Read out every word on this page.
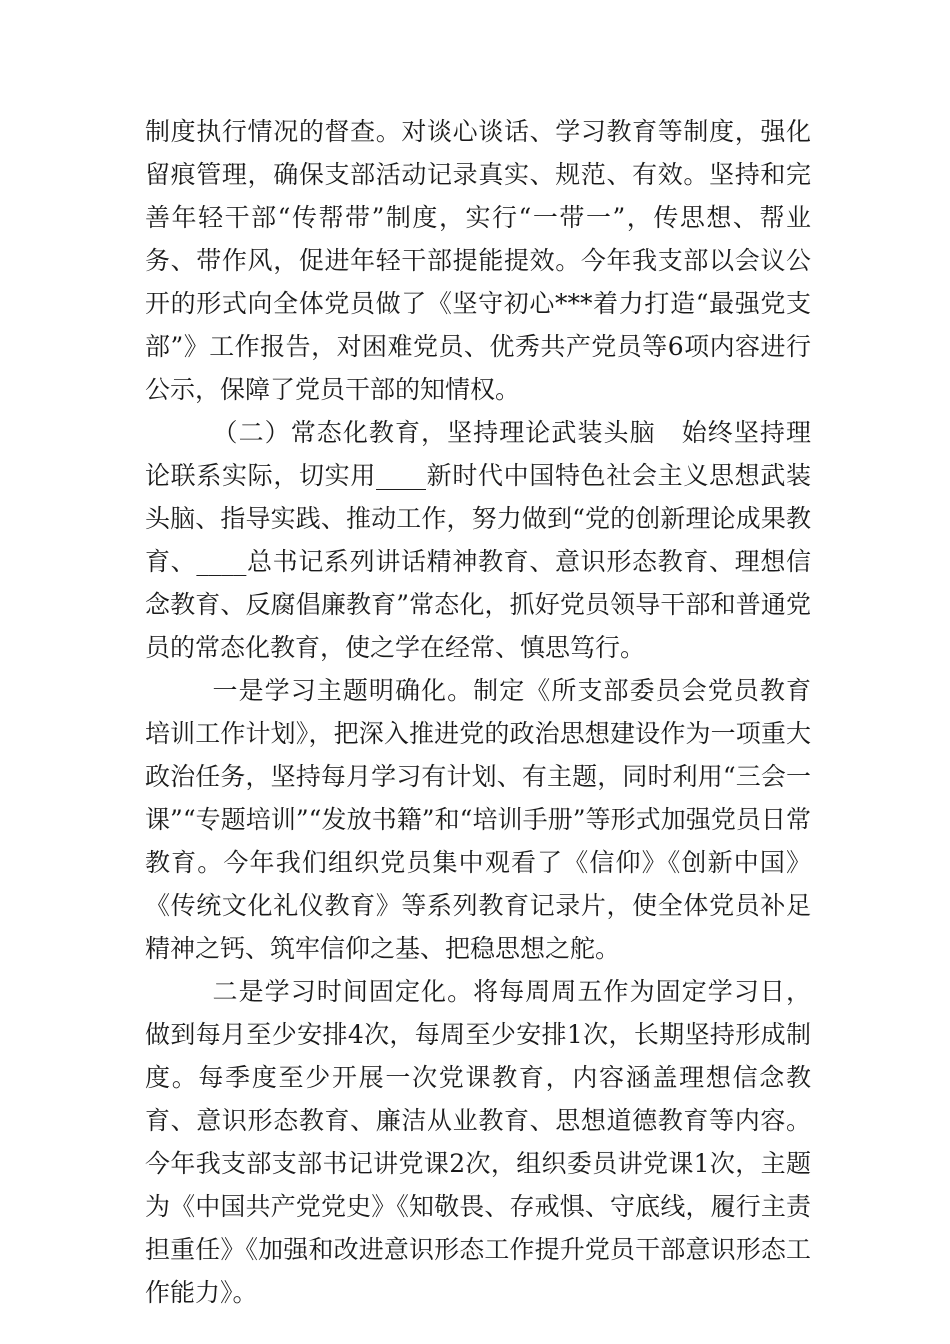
制度执行情况的督查。对谈心谈话、学习教育等制度，强化留痕管理，确保支部活动记录真实、规范、有效。坚持和完善年轻干部“传帮带”制度，实行“一带一”，传思想、帮业务、带作风，促进年轻干部提能提效。今年我支部以会议公开的形式向全体党员做了《坚守初心***着力打造“最强党支部”》工作报告，对困难党员、优秀共产党员等6项内容进行公示，保障了党员干部的知情权。

（二）常态化教育，坚持理论武装头脑　始终坚持理论联系实际，切实用____新时代中国特色社会主义思想武装头脑、指导实践、推动工作，努力做到“党的创新理论成果教育、____总书记系列讲话精神教育、意识形态教育、理想信念教育、反腐倡廉教育”常态化，抓好党员领导干部和普通党员的常态化教育，使之学在经常、慎思笃行。

一是学习主题明确化。制定《所支部委员会党员教育培训工作计划》，把深入推进党的政治思想建设作为一项重大政治任务，坚持每月学习有计划、有主题，同时利用“三会一课”“专题培训”“发放书籍”和“培训手册”等形式加强党员日常教育。今年我们组织党员集中观看了《信仰》《创新中国》《传统文化礼仪教育》等系列教育记录片，使全体党员补足精神之钙、筑牢信仰之基、把稳思想之舵。

二是学习时间固定化。将每周周五作为固定学习日，做到每月至少安排4次，每周至少安排1次，长期坚持形成制度。每季度至少开展一次党课教育，内容涵盖理想信念教育、意识形态教育、廉洁从业教育、思想道德教育等内容。今年我支部支部书记讲党课2次，组织委员讲党课1次，主题为《中国共产党党史》《知敬畏、存戒惧、守底线，履行主责担重任》《加强和改进意识形态工作提升党员干部意识形态工作能力》。
